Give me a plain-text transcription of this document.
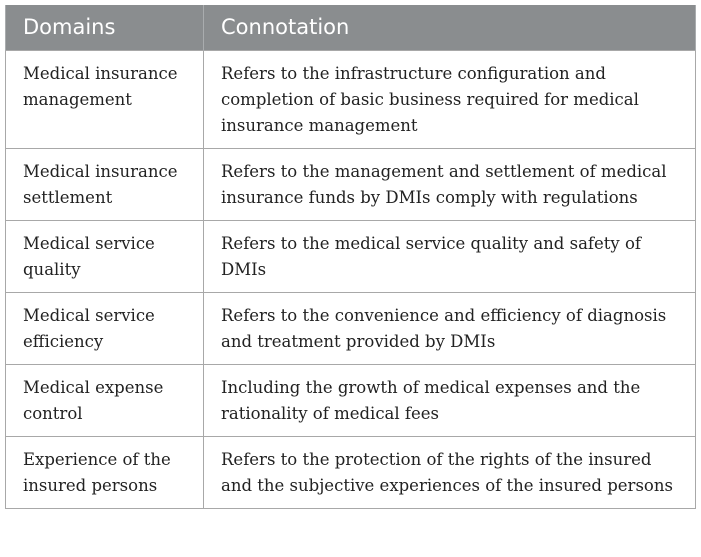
Domains	Connotation
Medical insurance management	Refers to the infrastructure configuration and completion of basic business required for medical insurance management
Medical insurance settlement	Refers to the management and settlement of medical insurance funds by DMIs comply with regulations
Medical service quality	Refers to the medical service quality and safety of DMIs
Medical service efficiency	Refers to the convenience and efficiency of diagnosis and treatment provided by DMIs
Medical expense control	Including the growth of medical expenses and the rationality of medical fees
Experience of the insured persons	Refers to the protection of the rights of the insured and the subjective experiences of the insured persons
